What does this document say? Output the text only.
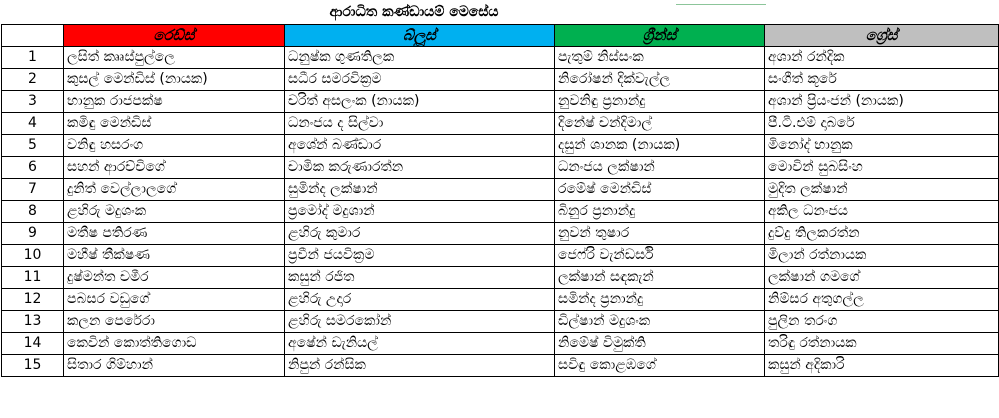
	ආරාධිත කණ්ඩායම් මෙසේය			
	රෙඩ්ස්	බ්ලූස්	ග්‍රීන්ස්	ග්‍රේස්
1	ලසිත් කෲස්පුල්ලෙ	ධනුෂ්ක ගුණතිලක	පැතුම් නිස්සංක	අශාන් රන්දික
2	කුසල් මෙන්ඩිස් (නායක)	සධීර සමරවික්‍රම	නිරෝෂන් දික්වැල්ල	සංගීත් කූරේ
3	භානුක රාජපක්ෂ	චරිත් අසලංක (නායක)	නුවනිඳු ප්‍රනාන්දු	අශාන් ප්‍රියංජන් (නායක)
4	කමිඳු මෙන්ඩිස්	ධනංජය ද සිල්වා	දිනේෂ් චන්දිමාල්	පී.ටී.එම් දාබරේ
5	වනිඳු හසරංග	අශේන් බණ්ඩාර	දසුන් ශානක (නායක)	මිනෝද් භානුක
6	සහන් ආරච්චිගේ	චාමික කරුණාරත්න	ධනංජය ලක්ෂාන්	මොවින් සුබසිංහ
7	දුනිත් වෙල්ලාලගේ	සුමින්ද ලක්ෂාන්	රමේෂ් මෙන්ඩිස්	මුදිත ලක්ෂාන්
8	ළහිරු මදුශංක	ප්‍රමෝද් මදුශාන්	බිනුර ප්‍රනාන්දු	අකිල ධනංජය
9	මතීෂ පතිරණ	ළහිරු කුමාර	නුවන් තුෂාර	දුව්දු තිලකරත්න
10	මහීෂ් තීක්ෂණ	ප්‍රවීන් ජයවික්‍රම	ජෙෆ්රි වැන්ඩර්සි	මිලාන් රත්නායක
11	දුෂ්මන්ත චමීර	කසුන් රජිත	ලක්ෂාන් සඳකැන්	ලක්ෂාන් ගමගේ
12	පබසර වඩුගේ	ළහිරු උදාර	සමින්ද ප්‍රනාන්දු	නිම්සර අතුගල්ල
13	කලන පෙරේරා	ළහිරු සමරකෝන්	ඩිල්ෂාන් මදුශංක	පුලින තරංග
14	කෙවින් කොත්තිගොඩ	අෂේන් ඩැනියල්	නිමේෂ් විමුක්ති	තරිඳු රත්නායක
15	සිතාර ගිම්හාන්	නිපුන් රන්සික	සවිඳු කොළඹගේ	කසුන් අදිකාරි
